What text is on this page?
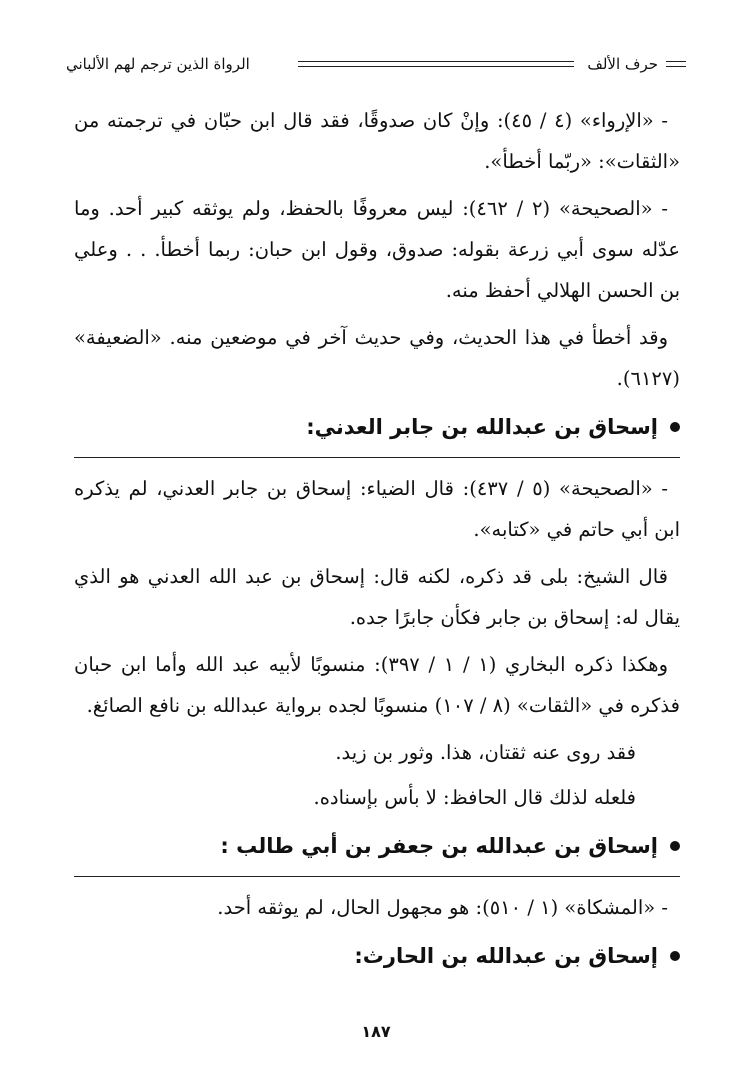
حرف الألف
الرواة الذين ترجم لهم الألباني

- «الإرواء» (٤ / ٤٥): وإنْ كان صدوقًا، فقد قال ابن حبّان في ترجمته من «الثقات»: «ربّما أخطأ».

- «الصحيحة» (٢ / ٤٦٢): ليس معروفًا بالحفظ، ولم يوثقه كبير أحد. وما عدّله سوى أبي زرعة بقوله: صدوق، وقول ابن حبان: ربما أخطأ. . . وعلي بن الحسن الهلالي أحفظ منه.

وقد أخطأ في هذا الحديث، وفي حديث آخر في موضعين منه. «الضعيفة» (٦١٢٧).

إسحاق بن عبدالله بن جابر العدني:

- «الصحيحة» (٥ / ٤٣٧): قال الضياء: إسحاق بن جابر العدني، لم يذكره ابن أبي حاتم في «كتابه».

قال الشيخ: بلى قد ذكره، لكنه قال: إسحاق بن عبد الله العدني هو الذي يقال له: إسحاق بن جابر فكأن جابرًا جده.

وهكذا ذكره البخاري (١ / ١ / ٣٩٧): منسوبًا لأبيه عبد الله وأما ابن حبان فذكره في «الثقات» (٨ / ١٠٧) منسوبًا لجده برواية عبدالله بن نافع الصائغ.

فقد روى عنه ثقتان، هذا. وثور بن زيد.

فلعله لذلك قال الحافظ: لا بأس بإسناده.

إسحاق بن عبدالله بن جعفر بن أبي طالب :

- «المشكاة» (١ / ٥١٠): هو مجهول الحال، لم يوثقه أحد.

إسحاق بن عبدالله بن الحارث:
١٨٧
